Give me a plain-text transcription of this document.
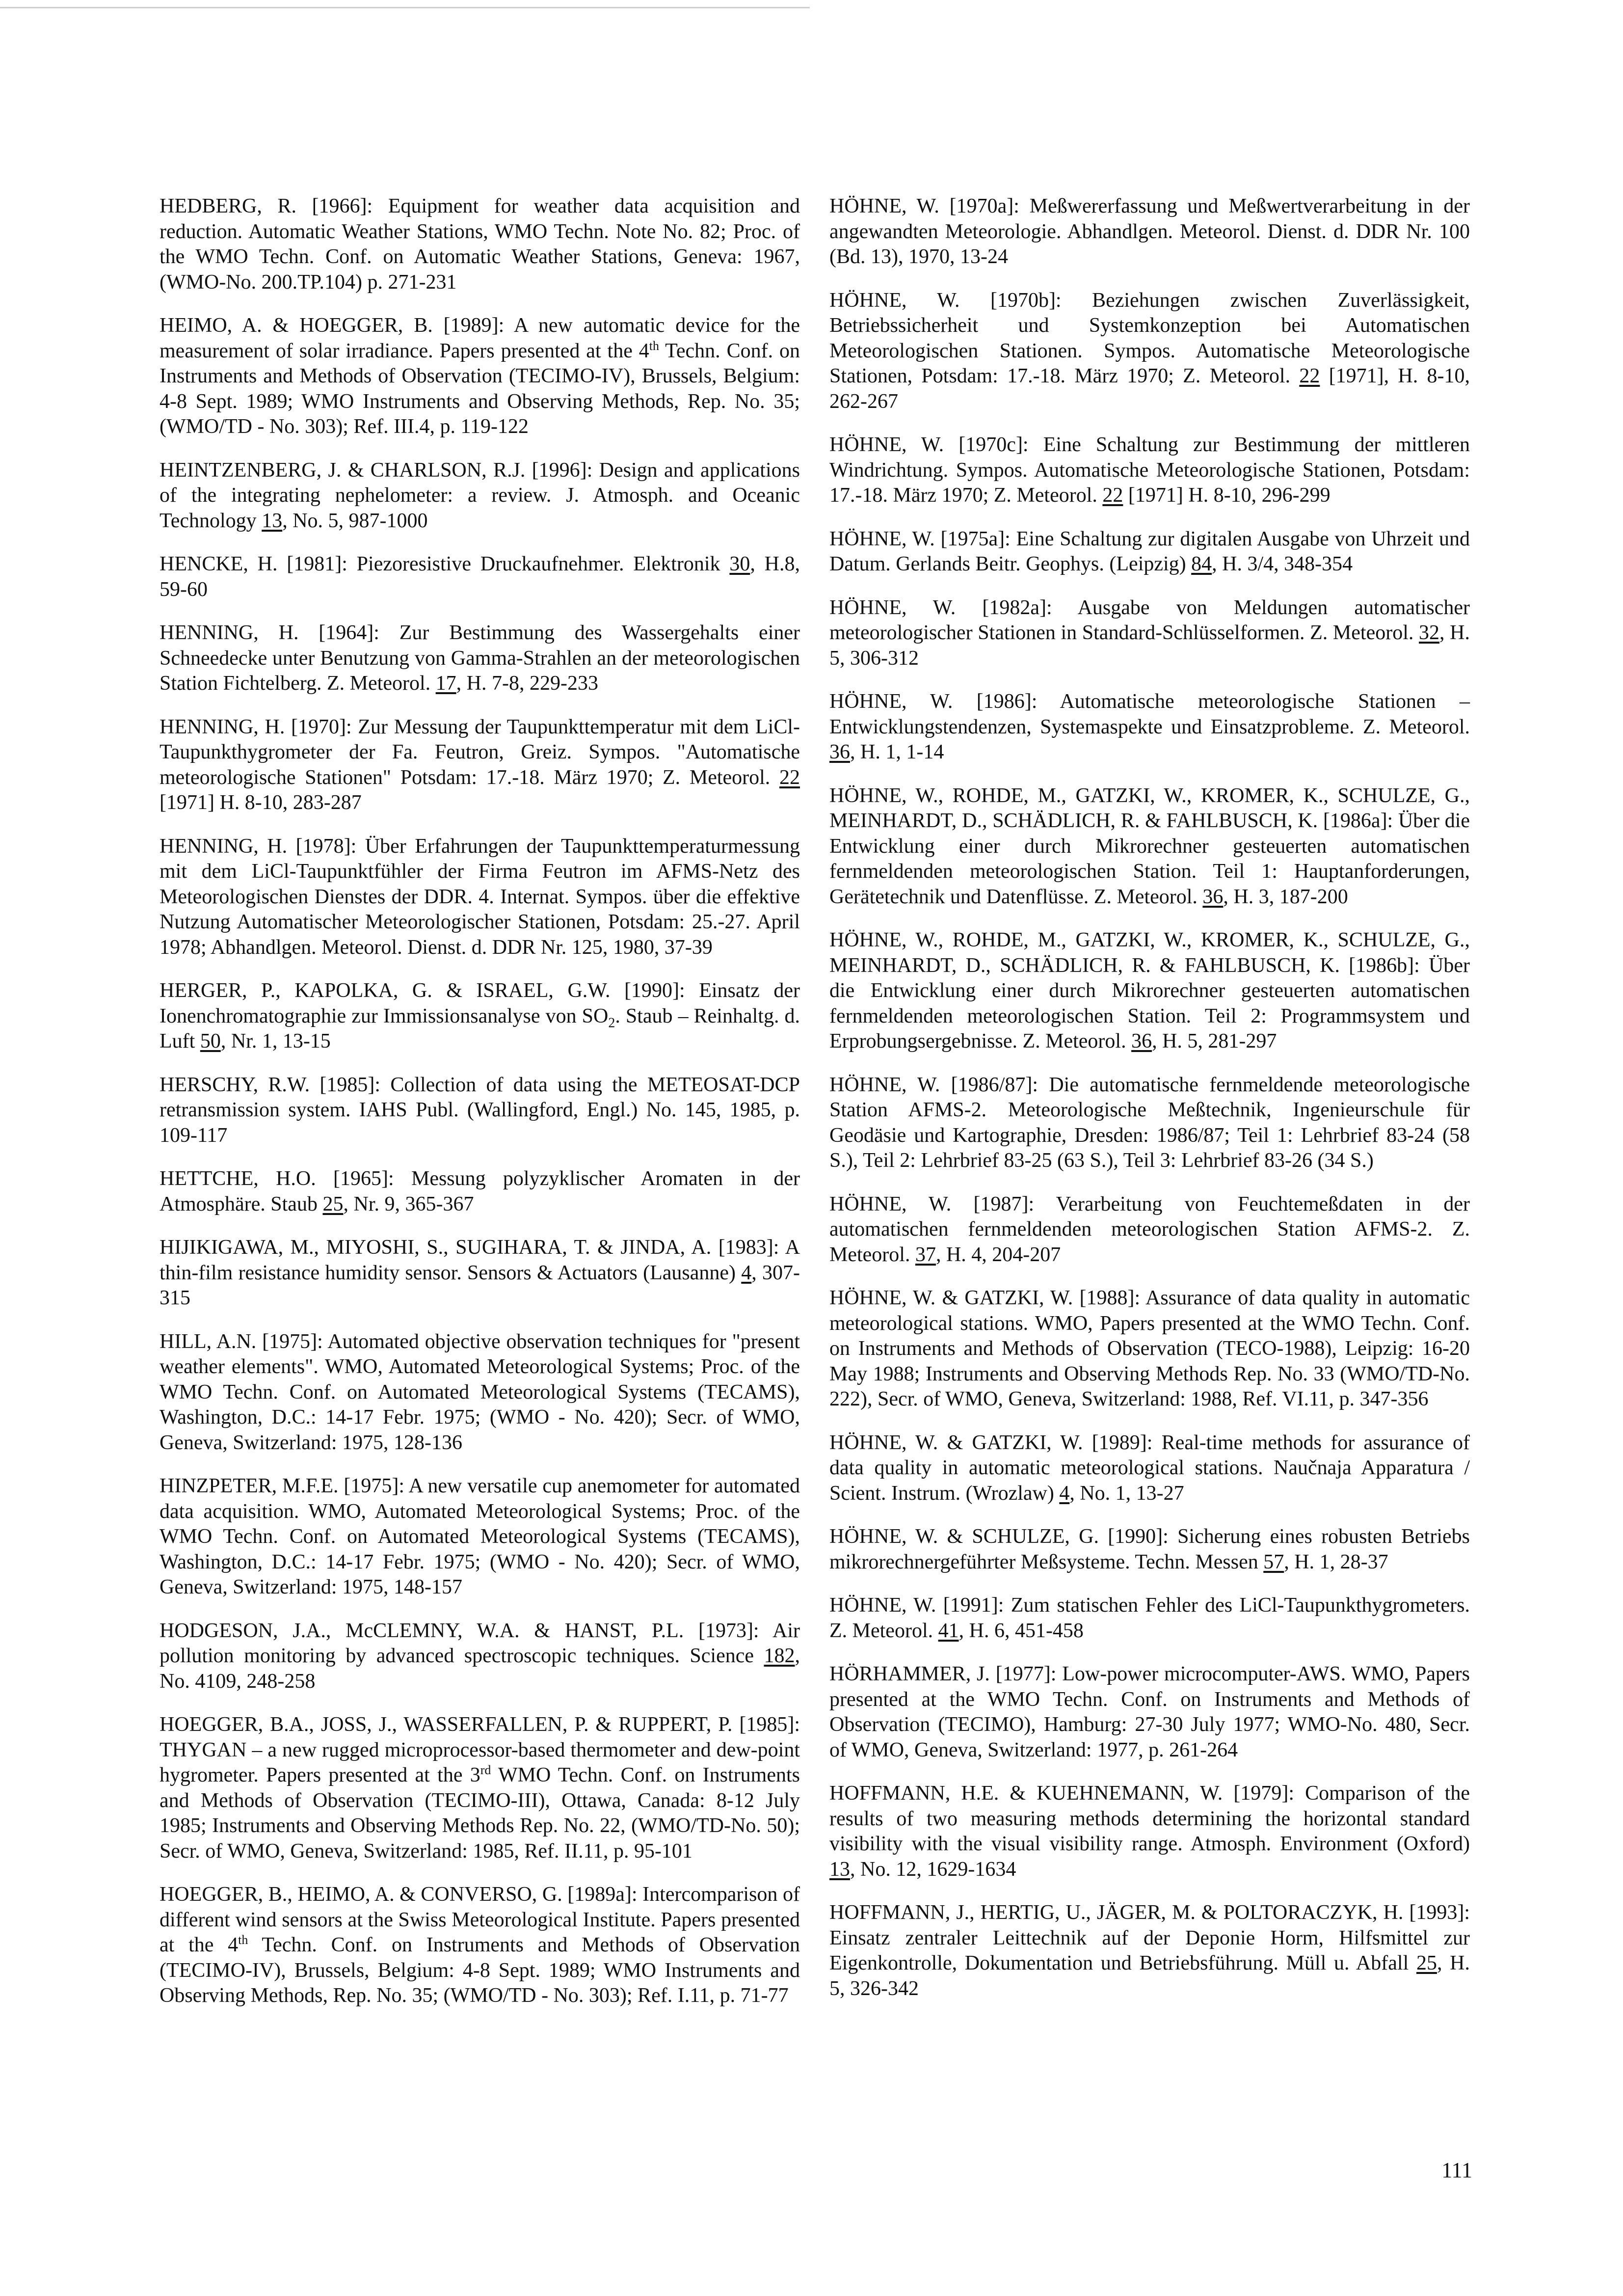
HEDBERG, R. [1966]: Equipment for weather data acquisition and reduction. Automatic Weather Stations, WMO Techn. Note No. 82; Proc. of the WMO Techn. Conf. on Automatic Weather Stations, Geneva: 1967, (WMO-No. 200.TP.104) p. 271-231

HEIMO, A. & HOEGGER, B. [1989]: A new automatic device for the measurement of solar irradiance. Papers presented at the 4th Techn. Conf. on Instruments and Methods of Observation (TECIMO-IV), Brussels, Belgium: 4-8 Sept. 1989; WMO Instruments and Observing Methods, Rep. No. 35; (WMO/TD - No. 303); Ref. III.4, p. 119-122

HEINTZENBERG, J. & CHARLSON, R.J. [1996]: Design and applications of the integrating nephelometer: a review. J. Atmosph. and Oceanic Technology 13, No. 5, 987-1000

HENCKE, H. [1981]: Piezoresistive Druckaufnehmer. Elektronik 30, H.8, 59-60

HENNING, H. [1964]: Zur Bestimmung des Wassergehalts einer Schneedecke unter Benutzung von Gamma-Strahlen an der meteorologischen Station Fichtelberg. Z. Meteorol. 17, H. 7-8, 229-233

HENNING, H. [1970]: Zur Messung der Taupunkttemperatur mit dem LiCl-Taupunkthygrometer der Fa. Feutron, Greiz. Sympos. "Automatische meteorologische Stationen" Potsdam: 17.-18. März 1970; Z. Meteorol. 22 [1971] H. 8-10, 283-287

HENNING, H. [1978]: Über Erfahrungen der Taupunkttemperaturmessung mit dem LiCl-Taupunktfühler der Firma Feutron im AFMS-Netz des Meteorologischen Dienstes der DDR. 4. Internat. Sympos. über die effektive Nutzung Automatischer Meteorologischer Stationen, Potsdam: 25.-27. April 1978; Abhandlgen. Meteorol. Dienst. d. DDR Nr. 125, 1980, 37-39

HERGER, P., KAPOLKA, G. & ISRAEL, G.W. [1990]: Einsatz der Ionenchromatographie zur Immissionsanalyse von $SO_2$. Staub – Reinhaltg. d. Luft 50, Nr. 1, 13-15

HERSCHY, R.W. [1985]: Collection of data using the METEOSAT-DCP retransmission system. IAHS Publ. (Wallingford, Engl.) No. 145, 1985, p. 109-117

HETTCHE, H.O. [1965]: Messung polyzyklischer Aromaten in der Atmosphäre. Staub 25, Nr. 9, 365-367

HIJIKIGAWA, M., MIYOSHI, S., SUGIHARA, T. & JINDA, A. [1983]: A thin-film resistance humidity sensor. Sensors & Actuators (Lausanne) 4, 307-315

HILL, A.N. [1975]: Automated objective observation techniques for "present weather elements". WMO, Automated Meteorological Systems; Proc. of the WMO Techn. Conf. on Automated Meteorological Systems (TECAMS), Washington, D.C.: 14-17 Febr. 1975; (WMO - No. 420); Secr. of WMO, Geneva, Switzerland: 1975, 128-136

HINZPETER, M.F.E. [1975]: A new versatile cup anemometer for automated data acquisition. WMO, Automated Meteorological Systems; Proc. of the WMO Techn. Conf. on Automated Meteorological Systems (TECAMS), Washington, D.C.: 14-17 Febr. 1975; (WMO - No. 420); Secr. of WMO, Geneva, Switzerland: 1975, 148-157

HODGESON, J.A., McCLEMNY, W.A. & HANST, P.L. [1973]: Air pollution monitoring by advanced spectroscopic techniques. Science 182, No. 4109, 248-258

HOEGGER, B.A., JOSS, J., WASSERFALLEN, P. & RUPPERT, P. [1985]: THYGAN – a new rugged microprocessor-based thermometer and dew-point hygrometer. Papers presented at the 3rd WMO Techn. Conf. on Instruments and Methods of Observation (TECIMO-III), Ottawa, Canada: 8-12 July 1985; Instruments and Observing Methods Rep. No. 22, (WMO/TD-No. 50); Secr. of WMO, Geneva, Switzerland: 1985, Ref. II.11, p. 95-101

HOEGGER, B., HEIMO, A. & CONVERSO, G. [1989a]: Intercomparison of different wind sensors at the Swiss Meteorological Institute. Papers presented at the 4th Techn. Conf. on Instruments and Methods of Observation (TECIMO-IV), Brussels, Belgium: 4-8 Sept. 1989; WMO Instruments and Observing Methods, Rep. No. 35; (WMO/TD - No. 303); Ref. I.11, p. 71-77

HÖHNE, W. [1970a]: Meßwererfassung und Meßwertverarbeitung in der angewandten Meteorologie. Abhandlgen. Meteorol. Dienst. d. DDR Nr. 100 (Bd. 13), 1970, 13-24

HÖHNE, W. [1970b]: Beziehungen zwischen Zuverlässigkeit, Betriebssicherheit und Systemkonzeption bei Automatischen Meteorologischen Stationen. Sympos. Automatische Meteorologische Stationen, Potsdam: 17.-18. März 1970; Z. Meteorol. 22 [1971], H. 8-10, 262-267

HÖHNE, W. [1970c]: Eine Schaltung zur Bestimmung der mittleren Windrichtung. Sympos. Automatische Meteorologische Stationen, Potsdam: 17.-18. März 1970; Z. Meteorol. 22 [1971] H. 8-10, 296-299

HÖHNE, W. [1975a]: Eine Schaltung zur digitalen Ausgabe von Uhrzeit und Datum. Gerlands Beitr. Geophys. (Leipzig) 84, H. 3/4, 348-354

HÖHNE, W. [1982a]: Ausgabe von Meldungen automatischer meteorologischer Stationen in Standard-Schlüsselformen. Z. Meteorol. 32, H. 5, 306-312

HÖHNE, W. [1986]: Automatische meteorologische Stationen – Entwicklungstendenzen, Systemaspekte und Einsatzprobleme. Z. Meteorol. 36, H. 1, 1-14

HÖHNE, W., ROHDE, M., GATZKI, W., KROMER, K., SCHULZE, G., MEINHARDT, D., SCHÄDLICH, R. & FAHLBUSCH, K. [1986a]: Über die Entwicklung einer durch Mikrorechner gesteuerten automatischen fernmeldenden meteorologischen Station. Teil 1: Hauptanforderungen, Gerätetechnik und Datenflüsse. Z. Meteorol. 36, H. 3, 187-200

HÖHNE, W., ROHDE, M., GATZKI, W., KROMER, K., SCHULZE, G., MEINHARDT, D., SCHÄDLICH, R. & FAHLBUSCH, K. [1986b]: Über die Entwicklung einer durch Mikrorechner gesteuerten automatischen fernmeldenden meteorologischen Station. Teil 2: Programmsystem und Erprobungsergebnisse. Z. Meteorol. 36, H. 5, 281-297

HÖHNE, W. [1986/87]: Die automatische fernmeldende meteorologische Station AFMS-2. Meteorologische Meßtechnik, Ingenieurschule für Geodäsie und Kartographie, Dresden: 1986/87; Teil 1: Lehrbrief 83-24 (58 S.), Teil 2: Lehrbrief 83-25 (63 S.), Teil 3: Lehrbrief 83-26 (34 S.)

HÖHNE, W. [1987]: Verarbeitung von Feuchtemeßdaten in der automatischen fernmeldenden meteorologischen Station AFMS-2. Z. Meteorol. 37, H. 4, 204-207

HÖHNE, W. & GATZKI, W. [1988]: Assurance of data quality in automatic meteorological stations. WMO, Papers presented at the WMO Techn. Conf. on Instruments and Methods of Observation (TECO-1988), Leipzig: 16-20 May 1988; Instruments and Observing Methods Rep. No. 33 (WMO/TD-No. 222), Secr. of WMO, Geneva, Switzerland: 1988, Ref. VI.11, p. 347-356

HÖHNE, W. & GATZKI, W. [1989]: Real-time methods for assurance of data quality in automatic meteorological stations. Naučnaja Apparatura / Scient. Instrum. (Wrozlaw) 4, No. 1, 13-27

HÖHNE, W. & SCHULZE, G. [1990]: Sicherung eines robusten Betriebs mikrorechnergeführter Meßsysteme. Techn. Messen 57, H. 1, 28-37

HÖHNE, W. [1991]: Zum statischen Fehler des LiCl-Taupunkthygrometers. Z. Meteorol. 41, H. 6, 451-458

HÖRHAMMER, J. [1977]: Low-power microcomputer-AWS. WMO, Papers presented at the WMO Techn. Conf. on Instruments and Methods of Observation (TECIMO), Hamburg: 27-30 July 1977; WMO-No. 480, Secr. of WMO, Geneva, Switzerland: 1977, p. 261-264

HOFFMANN, H.E. & KUEHNEMANN, W. [1979]: Comparison of the results of two measuring methods determining the horizontal standard visibility with the visual visibility range. Atmosph. Environment (Oxford) 13, No. 12, 1629-1634

HOFFMANN, J., HERTIG, U., JÄGER, M. & POLTORACZYK, H. [1993]: Einsatz zentraler Leittechnik auf der Deponie Horm, Hilfsmittel zur Eigenkontrolle, Dokumentation und Betriebsführung. Müll u. Abfall 25, H. 5, 326-342

111
